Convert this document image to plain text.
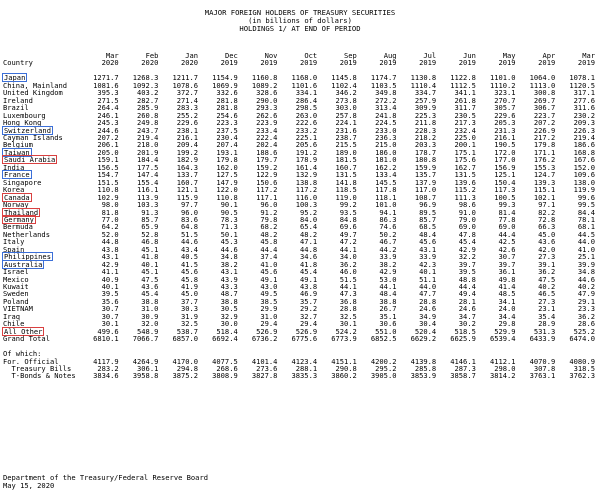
MAJOR FOREIGN HOLDERS OF TREASURY SECURITIES
(in billions of dollars)
HOLDINGS 1/ AT END OF PERIOD
	Mar	Feb	Jan	Dec	Nov	Oct	Sep	Aug	Jul	Jun	May	Apr	Mar
Country	2020	2020	2020	2019	2019	2019	2019	2019	2019	2019	2019	2019	2019

Japan	1271.7	1268.3	1211.7	1154.9	1160.8	1168.0	1145.8	1174.7	1130.8	1122.8	1101.0	1064.0	1078.1
China, Mainland	1081.6	1092.3	1078.6	1069.9	1089.2	1101.6	1102.4	1103.5	1110.4	1112.5	1110.2	1113.0	1120.5
United Kingdom	395.3	403.2	372.7	332.6	328.6	334.1	346.2	349.8	334.7	341.1	323.1	300.8	317.1
Ireland	271.5	282.7	271.4	281.8	290.0	286.4	273.8	272.2	257.9	261.8	270.7	269.7	277.6
Brazil	264.4	285.9	283.3	281.8	293.3	298.5	303.0	313.4	309.9	311.7	305.7	306.7	311.6
Luxembourg	246.1	260.8	255.2	254.6	262.6	263.0	257.8	241.8	225.3	230.5	229.6	223.7	230.2
Hong Kong	245.3	249.8	229.6	223.3	223.9	222.6	224.1	224.5	211.8	217.3	205.3	207.2	209.3
Switzerland	244.6	243.7	238.1	237.5	233.4	233.2	231.6	233.0	228.3	232.4	231.3	226.9	226.3
Cayman Islands	207.2	219.4	216.1	230.4	222.4	225.1	238.7	236.3	218.2	225.0	216.1	217.2	219.4
Belgium	206.1	218.0	209.4	207.4	202.4	205.6	215.5	215.0	203.3	200.1	190.5	179.8	186.6
Taiwan	205.0	201.9	199.2	193.1	188.6	191.2	189.0	186.0	178.7	175.1	172.0	171.1	168.8
Saudi Arabia	159.1	184.4	182.9	179.8	179.7	178.9	181.5	181.0	180.8	175.6	177.0	176.2	167.6
India	156.5	177.5	164.3	162.0	159.2	161.4	160.7	162.2	159.9	162.7	156.9	155.3	152.0
France	154.7	147.4	133.7	127.5	122.9	132.9	131.5	133.4	135.7	131.5	125.1	124.7	109.6
Singapore	151.5	155.4	160.7	147.9	150.6	138.8	141.8	145.5	137.9	139.6	150.4	139.3	138.0
Korea	110.8	116.1	121.1	122.0	117.2	117.2	118.5	117.8	117.0	115.2	117.3	115.1	119.9
Canada	102.9	113.9	115.9	110.8	117.1	116.0	119.0	118.1	108.7	111.3	100.5	102.1	99.6
Norway	98.0	103.3	97.7	90.1	96.0	100.3	99.2	101.0	96.9	98.6	99.3	97.1	99.5
Thailand	81.8	91.3	96.0	90.5	91.2	95.2	93.5	94.1	89.5	91.0	81.4	82.2	84.4
Germany	77.0	85.7	83.6	78.3	79.8	84.0	84.8	86.3	85.7	79.0	77.8	72.8	78.1
Bermuda	64.2	65.9	64.8	71.3	68.2	65.4	69.6	74.6	68.5	69.0	69.0	66.3	68.1
Netherlands	52.0	52.8	51.5	50.1	48.2	48.2	49.7	50.2	48.4	47.8	44.4	45.0	44.5
Italy	44.8	46.8	44.6	45.3	45.8	47.1	47.2	46.7	45.6	45.4	42.5	43.6	44.0
Spain	43.8	45.1	43.4	44.6	44.4	44.8	44.1	44.2	43.1	42.9	42.6	42.0	41.0
Philippines	43.1	41.8	40.5	34.8	37.4	34.6	34.0	33.9	33.9	32.2	30.7	27.3	25.1
Australia	42.9	40.1	41.5	38.2	41.0	41.8	36.2	38.2	42.3	39.7	39.7	39.1	39.9
Israel	41.1	45.1	45.6	43.1	45.6	45.4	46.0	42.9	40.1	39.5	36.1	36.2	34.8
Mexico	40.9	47.5	45.8	43.9	49.1	49.1	51.5	53.0	51.1	48.8	49.8	47.5	44.6
Kuwait	40.1	43.6	41.9	43.3	43.0	43.8	44.1	44.1	44.0	44.4	41.4	40.2	40.2
Sweden	39.5	45.4	45.0	48.7	49.5	46.9	47.3	48.4	47.7	49.4	48.5	46.5	47.9
Poland	35.6	38.8	37.7	38.8	38.5	35.7	36.8	38.8	28.8	28.1	34.1	27.3	29.1
VIETNAM	30.7	31.0	30.3	30.5	29.9	29.2	28.8	26.7	24.6	24.6	24.0	23.1	23.3
Iraq	30.7	30.9	31.9	32.9	31.0	32.7	32.5	35.1	34.9	34.7	34.4	35.4	36.2
Chile	30.1	32.0	32.5	30.0	29.4	29.4	30.1	30.6	30.4	30.2	29.8	28.9	28.6
All Other	499.6	548.9	538.7	518.4	526.9	526.9	524.2	551.0	520.4	518.5	529.9	531.3	525.2
Grand Total	6810.1	7066.7	6857.0	6692.4	6736.2	6775.6	6773.9	6852.5	6629.2	6625.9	6539.4	6433.9	6474.0

Of which:													
For. Official	4117.9	4264.9	4170.0	4077.5	4101.4	4123.4	4151.1	4200.2	4139.8	4146.1	4112.1	4070.9	4080.9
Treasury Bills	283.2	306.1	294.8	268.6	273.6	288.1	290.8	295.2	285.8	287.3	298.0	307.8	318.5
T-Bonds & Notes	3834.6	3958.8	3875.2	3808.9	3827.8	3835.3	3860.2	3905.0	3853.9	3858.7	3814.2	3763.1	3762.3
Department of the Treasury/Federal Reserve Board
May 15, 2020
